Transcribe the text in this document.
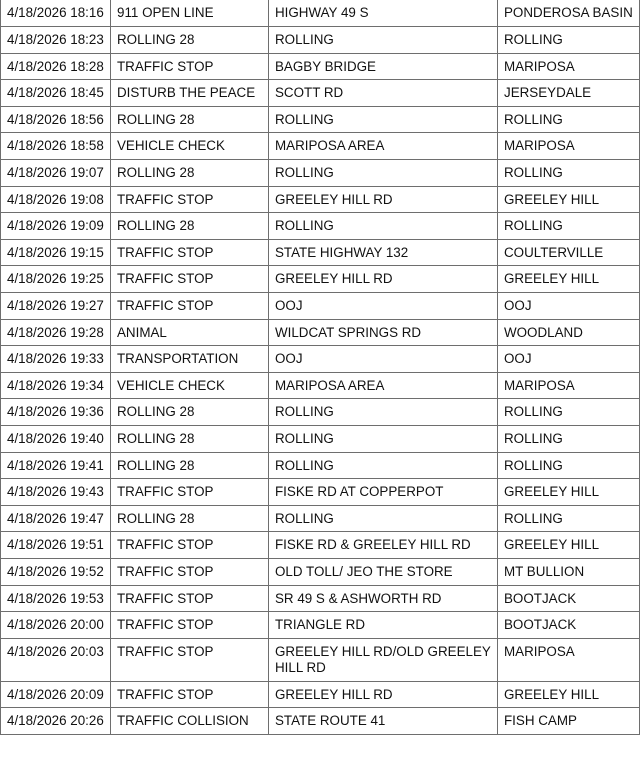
4/18/2026 18:16	911 OPEN LINE	HIGHWAY 49 S	PONDEROSA BASIN
4/18/2026 18:23	ROLLING 28	ROLLING	ROLLING
4/18/2026 18:28	TRAFFIC STOP	BAGBY BRIDGE	MARIPOSA
4/18/2026 18:45	DISTURB THE PEACE	SCOTT RD	JERSEYDALE
4/18/2026 18:56	ROLLING 28	ROLLING	ROLLING
4/18/2026 18:58	VEHICLE CHECK	MARIPOSA AREA	MARIPOSA
4/18/2026 19:07	ROLLING 28	ROLLING	ROLLING
4/18/2026 19:08	TRAFFIC STOP	GREELEY HILL RD	GREELEY HILL
4/18/2026 19:09	ROLLING 28	ROLLING	ROLLING
4/18/2026 19:15	TRAFFIC STOP	STATE HIGHWAY 132	COULTERVILLE
4/18/2026 19:25	TRAFFIC STOP	GREELEY HILL RD	GREELEY HILL
4/18/2026 19:27	TRAFFIC STOP	OOJ	OOJ
4/18/2026 19:28	ANIMAL	WILDCAT SPRINGS RD	WOODLAND
4/18/2026 19:33	TRANSPORTATION	OOJ	OOJ
4/18/2026 19:34	VEHICLE CHECK	MARIPOSA AREA	MARIPOSA
4/18/2026 19:36	ROLLING 28	ROLLING	ROLLING
4/18/2026 19:40	ROLLING 28	ROLLING	ROLLING
4/18/2026 19:41	ROLLING 28	ROLLING	ROLLING
4/18/2026 19:43	TRAFFIC STOP	FISKE RD AT COPPERPOT	GREELEY HILL
4/18/2026 19:47	ROLLING 28	ROLLING	ROLLING
4/18/2026 19:51	TRAFFIC STOP	FISKE RD & GREELEY HILL RD	GREELEY HILL
4/18/2026 19:52	TRAFFIC STOP	OLD TOLL/ JEO THE STORE	MT BULLION
4/18/2026 19:53	TRAFFIC STOP	SR 49 S & ASHWORTH RD	BOOTJACK
4/18/2026 20:00	TRAFFIC STOP	TRIANGLE RD	BOOTJACK
4/18/2026 20:03	TRAFFIC STOP	GREELEY HILL RD/OLD GREELEY HILL RD	MARIPOSA
4/18/2026 20:09	TRAFFIC STOP	GREELEY HILL RD	GREELEY HILL
4/18/2026 20:26	TRAFFIC COLLISION	STATE ROUTE 41	FISH CAMP
